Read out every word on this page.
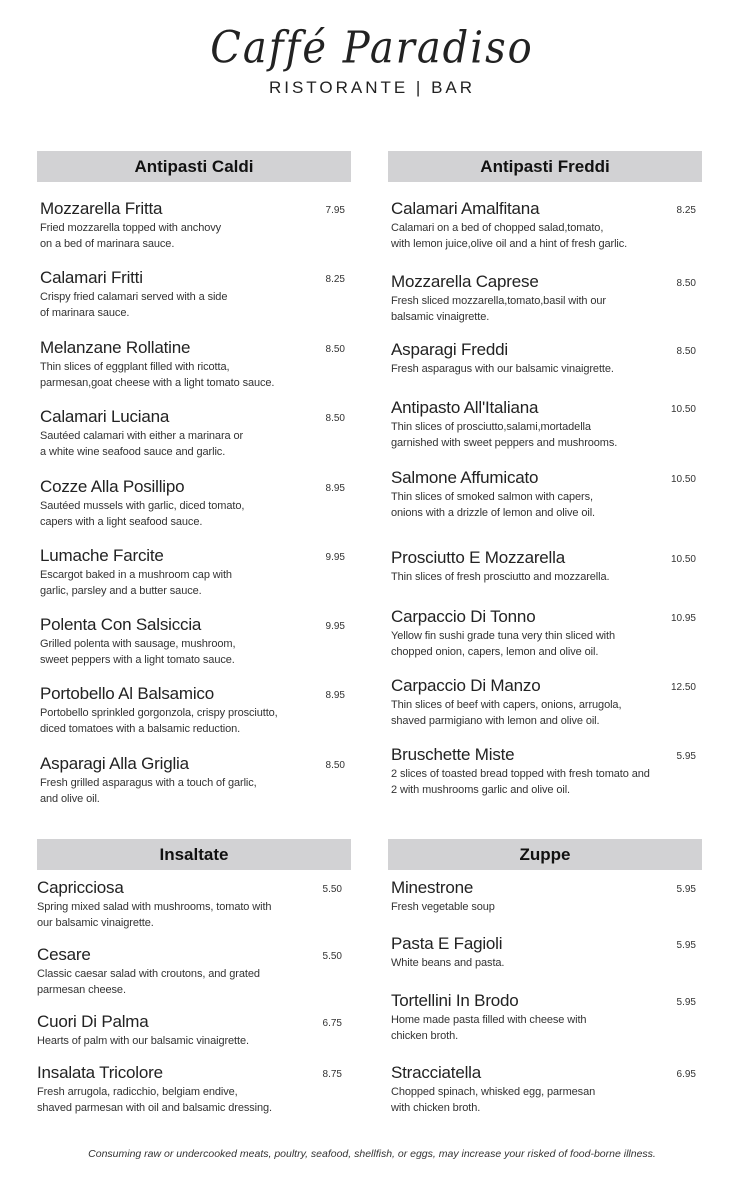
Caffé Paradiso
RISTORANTE | BAR
Antipasti Caldi
Mozzarella Fritta	7.95
Fried mozzarella topped with anchovy
on a bed of marinara sauce.
Calamari Fritti	8.25
Crispy fried calamari served with a side
of marinara sauce.
Melanzane Rollatine	8.50
Thin slices of eggplant filled with ricotta,
parmesan,goat cheese with a light tomato sauce.
Calamari Luciana	8.50
Sautéed calamari with either a marinara or
a white wine seafood sauce and garlic.
Cozze Alla Posillipo	8.95
Sautéed mussels with garlic, diced tomato,
capers with a light seafood sauce.
Lumache Farcite	9.95
Escargot baked in a mushroom cap with
garlic, parsley and a butter sauce.
Polenta Con Salsiccia	9.95
Grilled polenta with sausage, mushroom,
sweet peppers with a light tomato sauce.
Portobello Al Balsamico	8.95
Portobello sprinkled gorgonzola, crispy prosciutto,
diced tomatoes with a balsamic reduction.
Asparagi Alla Griglia	8.50
Fresh grilled asparagus with a touch of garlic,
and olive oil.
Antipasti Freddi
Calamari Amalfitana	8.25
Calamari on a bed of chopped salad,tomato,
with lemon juice,olive oil and a hint of fresh garlic.
Mozzarella Caprese	8.50
Fresh sliced mozzarella,tomato,basil with our
balsamic vinaigrette.
Asparagi Freddi	8.50
Fresh asparagus with our balsamic vinaigrette.
Antipasto All'Italiana	10.50
Thin slices of prosciutto,salami,mortadella
garnished with sweet peppers and mushrooms.
Salmone Affumicato	10.50
Thin slices of smoked salmon with capers,
onions with a drizzle of lemon and olive oil.
Prosciutto E Mozzarella	10.50
Thin slices of fresh prosciutto and mozzarella.
Carpaccio Di Tonno	10.95
Yellow fin sushi grade tuna very thin sliced with
chopped onion, capers, lemon and olive oil.
Carpaccio Di Manzo	12.50
Thin slices of beef with capers, onions, arrugola,
shaved parmigiano with lemon and olive oil.
Bruschette Miste	5.95
2 slices of toasted bread topped with fresh tomato and
2 with mushrooms garlic and olive oil.
Insaltate
Capricciosa	5.50
Spring mixed salad with mushrooms, tomato with
our balsamic vinaigrette.
Cesare	5.50
Classic caesar salad with croutons, and grated
parmesan cheese.
Cuori Di Palma	6.75
Hearts of palm with our balsamic vinaigrette.
Insalata Tricolore	8.75
Fresh arrugola, radicchio, belgiam endive,
shaved parmesan with oil and balsamic dressing.
Zuppe
Minestrone	5.95
Fresh vegetable soup
Pasta E Fagioli	5.95
White beans and pasta.
Tortellini In Brodo	5.95
Home made pasta filled with cheese with
chicken broth.
Stracciatella	6.95
Chopped spinach, whisked egg, parmesan
with chicken broth.
Consuming raw or undercooked meats, poultry, seafood, shellfish, or eggs, may increase your risked of food-borne illness.
